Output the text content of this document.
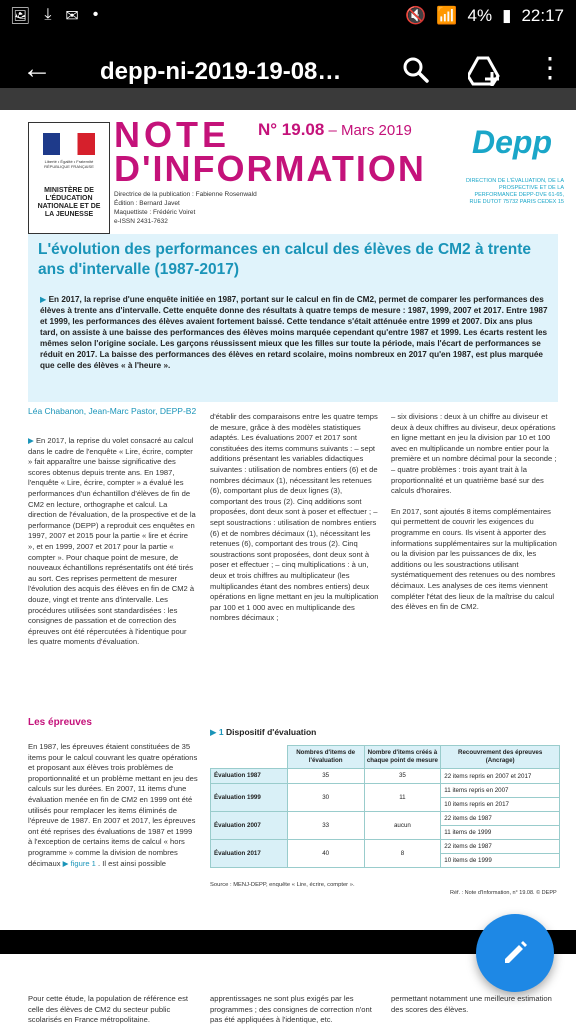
🖼 ⤓ ✉ •	🔇 📶 4% ▮ 22:17
← depp-ni-2019-19-08…	⋮
Liberté • Égalité • Fraternité RÉPUBLIQUE FRANÇAISE
MINISTÈRE DE L'ÉDUCATION NATIONALE ET DE LA JEUNESSE
NOTE
D'INFORMATION
N° 19.08 – Mars 2019
Directrice de la publication : Fabienne Rosenwald
Édition : Bernard Javet
Maquettiste : Frédéric Voiret
e-ISSN 2431-7632
Depp
DIRECTION DE L'ÉVALUATION, DE LA PROSPECTIVE ET DE LA PERFORMANCE DEPP-DVE 61-65, RUE DUTOT 75732 PARIS CEDEX 15
L'évolution des performances en calcul des élèves de CM2 à trente ans d'intervalle (1987-2017)
▶ En 2017, la reprise d'une enquête initiée en 1987, portant sur le calcul en fin de CM2, permet de comparer les performances des élèves à trente ans d'intervalle. Cette enquête donne des résultats à quatre temps de mesure : 1987, 1999, 2007 et 2017. Entre 1987 et 1999, les performances des élèves avaient fortement baissé. Cette tendance s'était atténuée entre 1999 et 2007. Dix ans plus tard, on assiste à une baisse des performances des élèves moins marquée cependant qu'entre 1987 et 1999. Les écarts restent les mêmes selon l'origine sociale. Les garçons réussissent mieux que les filles sur toute la période, mais l'écart de performances se réduit en 2017. La baisse des performances des élèves en retard scolaire, moins nombreux en 2017 qu'en 1987, est plus marquée que celle des élèves « à l'heure ».
Léa Chabanon, Jean-Marc Pastor, DEPP-B2
▶ En 2017, la reprise du volet consacré au calcul dans le cadre de l'enquête « Lire, écrire, compter » fait apparaître une baisse significative des scores obtenus depuis trente ans. En 1987, l'enquête « Lire, écrire, compter » a évalué les performances d'un échantillon d'élèves de fin de CM2 en lecture, orthographe et calcul. La direction de l'évaluation, de la prospective et de la performance (DEPP) a reproduit ces enquêtes en 1997, 2007 et 2015 pour la partie « lire et écrire », et en 1999, 2007 et 2017 pour la partie « compter ». Pour chaque point de mesure, de nouveaux échantillons représentatifs ont été tirés au sort. Ces reprises permettent de mesurer l'évolution des acquis des élèves en fin de CM2 à douze, vingt et trente ans d'intervalle. Les procédures utilisées sont standardisées : les consignes de passation et de correction des épreuves ont été répercutées à l'identique pour les quatre moments d'évaluation.
Les épreuves
En 1987, les épreuves étaient constituées de 35 items pour le calcul couvrant les quatre opérations et proposant aux élèves trois problèmes de proportionnalité et un problème mettant en jeu des calculs sur les durées. En 2007, 11 items d'une évaluation menée en fin de CM2 en 1999 ont été utilisés pour remplacer les items éliminés de l'épreuve de 1987. En 2007 et 2017, les épreuves ont été reprises des évaluations de 1987 et 1999 à l'exception de certains items de calcul « hors programme » comme la division de nombres décimaux ▶ figure 1 . Il est ainsi possible
d'établir des comparaisons entre les quatre temps de mesure, grâce à des modèles statistiques adaptés. Les évaluations 2007 et 2017 sont constituées des items communs suivants : – sept additions présentant les variables didactiques suivantes : utilisation de nombres entiers (6) et de nombres décimaux (1), nécessitant les retenues (6), comportant plus de deux lignes (3), comportant des trous (2). Cinq additions sont proposées, dont deux sont à poser et effectuer ; – sept soustractions : utilisation de nombres entiers (6) et de nombres décimaux (1), nécessitant les retenues (6), comportant des trous (2). Cinq soustractions sont proposées, dont deux sont à poser et effectuer ; – cinq multiplications : à un, deux et trois chiffres au multiplicateur (les multiplicandes étant des nombres entiers) deux opérations en ligne mettant en jeu la multiplication par 100 et 1 000 avec en multiplicande des nombres décimaux ;
– six divisions : deux à un chiffre au diviseur et deux à deux chiffres au diviseur, deux opérations en ligne mettant en jeu la division par 10 et 100 avec en multiplicande un nombre entier pour la première et un nombre décimal pour la seconde ; – quatre problèmes : trois ayant trait à la proportionnalité et un quatrième basé sur des calculs d'horaires.
En 2017, sont ajoutés 8 items complémentaires qui permettent de couvrir les exigences du programme en cours. Ils visent à apporter des informations supplémentaires sur la multiplication ou la division par les puissances de dix, les additions ou les soustractions utilisant systématiquement des retenues ou des nombres décimaux. Les analyses de ces items viennent compléter l'état des lieux de la maîtrise du calcul des élèves en fin de CM2.
▶ 1 Dispositif d'évaluation
	Nombres d'items de l'évaluation	Nombre d'items créés à chaque point de mesure	Recouvrement des épreuves (Ancrage)
Évaluation 1987	35	35	22 items repris en 2007 et 2017

Évaluation 1999	30	11	11 items repris en 2007
10 items repris en 2017

Évaluation 2007	33	aucun	22 items de 1987
11 items de 1999

Évaluation 2017	40	8	22 items de 1987
10 items de 1999
Source : MENJ-DEPP, enquête « Lire, écrire, compter ».
Réf. : Note d'Information, n° 19.08. © DEPP
Pour cette étude, la population de référence est celle des élèves de CM2 du secteur public scolarisés en France métropolitaine.
apprentissages ne sont plus exigés par les programmes ; des consignes de correction n'ont pas été appliquées à l'identique, etc.
permettant notamment une meilleure estimation des scores des élèves.
